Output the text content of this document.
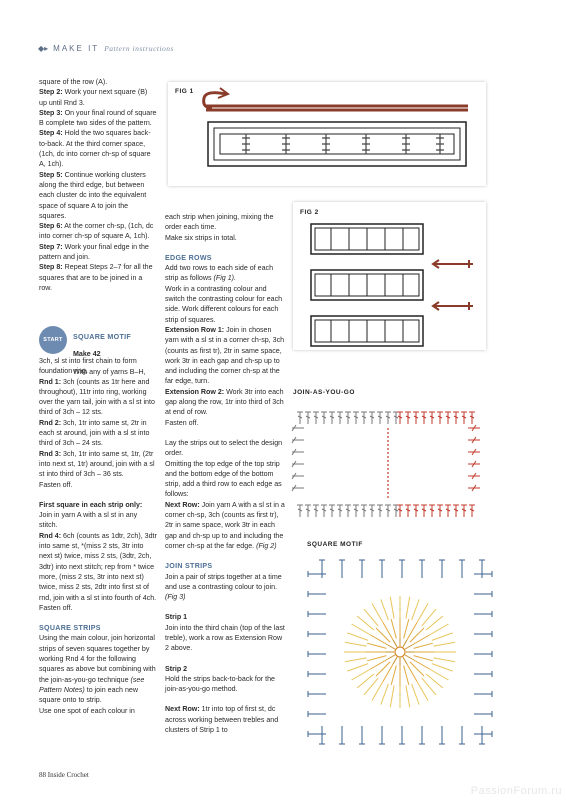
◆▸ MAKE IT Pattern instructions

square of the row (A).

Step 2: Work your next square (B) up until Rnd 3.

Step 3: On your final round of square B complete two sides of the pattern.

Step 4: Hold the two squares back-to-back. At the third corner space, (1ch, dc into corner ch-sp of square A, 1ch).

Step 5: Continue working clusters along the third edge, but between each cluster dc into the equivalent space of square A to join the squares.

Step 6: At the corner ch-sp, (1ch, dc into corner ch-sp of square A, 1ch).

Step 7: Work your final edge in the pattern and join.

Step 8: Repeat Steps 2–7 for all the squares that are to be joined in a row.

START	SQUARE MOTIF

Make 42

With any of yarns B–H,

3ch, sl st into first chain to form foundation ring.

Rnd 1: 3ch (counts as 1tr here and throughout), 11tr into ring, working over the yarn tail, join with a sl st into third of 3ch – 12 sts.

Rnd 2: 3ch, 1tr into same st, 2tr in each st around, join with a sl st into third of 3ch – 24 sts.

Rnd 3: 3ch, 1tr into same st, 1tr, (2tr into next st, 1tr) around, join with a sl st into third of 3ch – 36 sts.

Fasten off.

First square in each strip only:

Join in yarn A with a sl st in any stitch.

Rnd 4: 6ch (counts as 1dtr, 2ch), 3dtr into same st, *(miss 2 sts, 3tr into next st) twice, miss 2 sts, (3dtr, 2ch, 3dtr) into next stitch; rep from * twice more, (miss 2 sts, 3tr into next st) twice, miss 2 sts, 2dtr into first st of rnd, join with a sl st into fourth of 4ch.

Fasten off.

SQUARE STRIPS

Using the main colour, join horizontal strips of seven squares together by working Rnd 4 for the following squares as above but combining with the join-as-you-go technique (see Pattern Notes) to join each new square onto to strip.

Use one spot of each colour in

each strip when joining, mixing the order each time.

Make six strips in total.

EDGE ROWS

Add two rows to each side of each strip as follows (Fig 1).

Work in a contrasting colour and switch the contrasting colour for each side. Work different colours for each strip of squares.

Extension Row 1: Join in chosen yarn with a sl st in a corner ch-sp, 3ch (counts as first tr), 2tr in same space, work 3tr in each gap and ch-sp up to and including the corner ch-sp at the far edge, turn.

Extension Row 2: Work 3tr into each gap along the row, 1tr into third of 3ch at end of row.

Fasten off.

Lay the strips out to select the design order.

Omitting the top edge of the top strip and the bottom edge of the bottom strip, add a third row to each edge as follows:

Next Row: Join yarn A with a sl st in a corner ch-sp, 3ch (counts as first tr), 2tr in same space, work 3tr in each gap and ch-sp up to and including the corner ch-sp at the far edge. (Fig 2)

JOIN STRIPS

Join a pair of strips together at a time and use a contrasting colour to join. (Fig 3)

Strip 1

Join into the third chain (top of the last treble), work a row as Extension Row 2 above.

Strip 2

Hold the strips back-to-back for the join-as-you-go method.

Next Row: 1tr into top of first st, dc across working between trebles and clusters of Strip 1 to

FIG 1
FIG 2
JOIN-AS-YOU-GO
SQUARE MOTIF
88 Inside Crochet
PassionForum.ru
